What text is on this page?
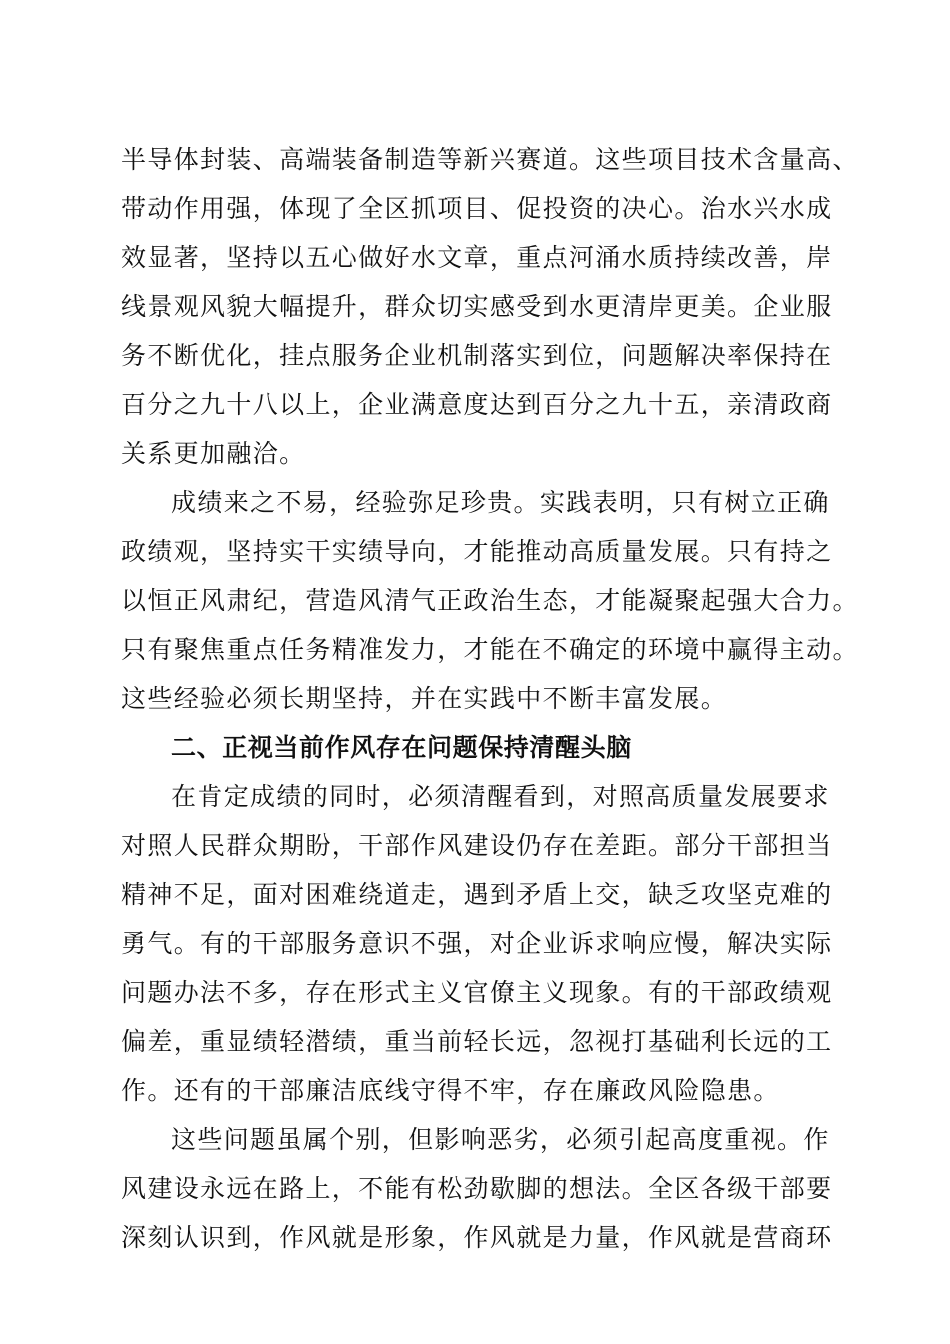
半导体封装、高端装备制造等新兴赛道。这些项目技术含量高、

带动作用强，体现了全区抓项目、促投资的决心。治水兴水成

效显著，坚持以五心做好水文章，重点河涌水质持续改善，岸

线景观风貌大幅提升，群众切实感受到水更清岸更美。企业服

务不断优化，挂点服务企业机制落实到位，问题解决率保持在

百分之九十八以上，企业满意度达到百分之九十五，亲清政商

关系更加融洽。

成绩来之不易，经验弥足珍贵。实践表明，只有树立正确

政绩观，坚持实干实绩导向，才能推动高质量发展。只有持之

以恒正风肃纪，营造风清气正政治生态，才能凝聚起强大合力。

只有聚焦重点任务精准发力，才能在不确定的环境中赢得主动。

这些经验必须长期坚持，并在实践中不断丰富发展。

二、正视当前作风存在问题保持清醒头脑

在肯定成绩的同时，必须清醒看到，对照高质量发展要求

对照人民群众期盼，干部作风建设仍存在差距。部分干部担当

精神不足，面对困难绕道走，遇到矛盾上交，缺乏攻坚克难的

勇气。有的干部服务意识不强，对企业诉求响应慢，解决实际

问题办法不多，存在形式主义官僚主义现象。有的干部政绩观

偏差，重显绩轻潜绩，重当前轻长远，忽视打基础利长远的工

作。还有的干部廉洁底线守得不牢，存在廉政风险隐患。

这些问题虽属个别，但影响恶劣，必须引起高度重视。作

风建设永远在路上，不能有松劲歇脚的想法。全区各级干部要

深刻认识到，作风就是形象，作风就是力量，作风就是营商环
